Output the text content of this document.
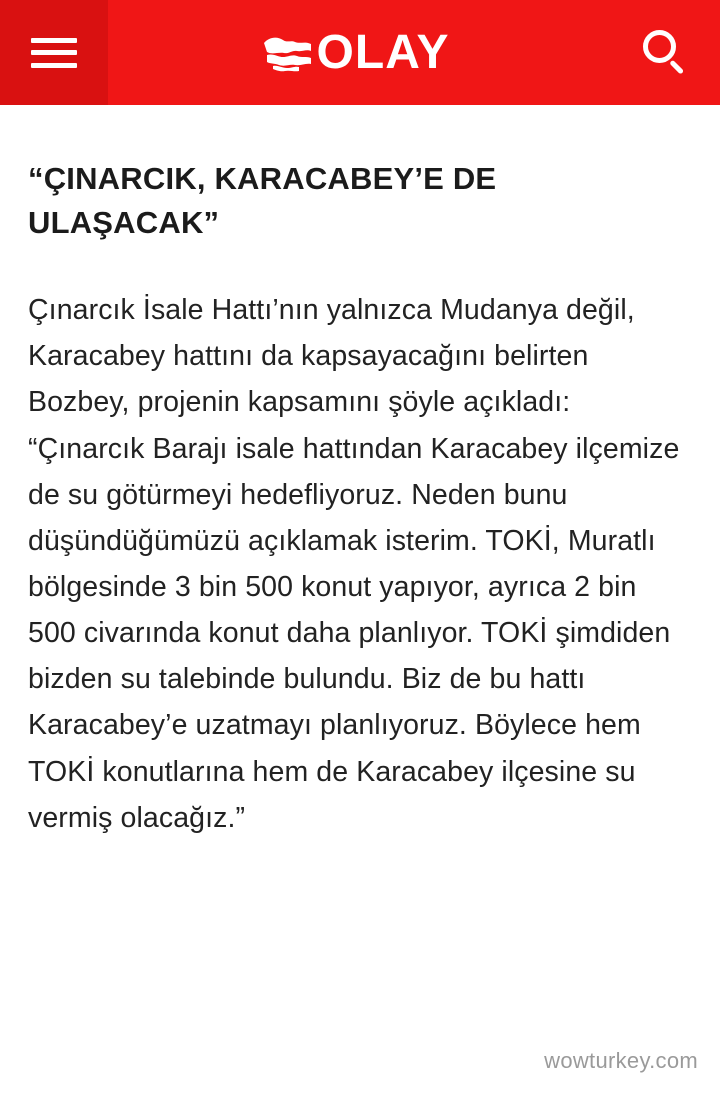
OLAY
“ÇINARCIK, KARACABEY’E DE ULAŞACAK”

Çınarcık İsale Hattı’nın yalnızca Mudanya değil, Karacabey hattını da kapsayacağını belirten Bozbey, projenin kapsamını şöyle açıkladı: “Çınarcık Barajı isale hattından Karacabey ilçemize de su götürmeyi hedefliyoruz. Neden bunu düşündüğümüzü açıklamak isterim. TOKİ, Muratlı bölgesinde 3 bin 500 konut yapıyor, ayrıca 2 bin 500 civarında konut daha planlıyor. TOKİ şimdiden bizden su talebinde bulundu. Biz de bu hattı Karacabey’e uzatmayı planlıyoruz. Böylece hem TOKİ konutlarına hem de Karacabey ilçesine su vermiş olacağız.”

wowturkey.com
